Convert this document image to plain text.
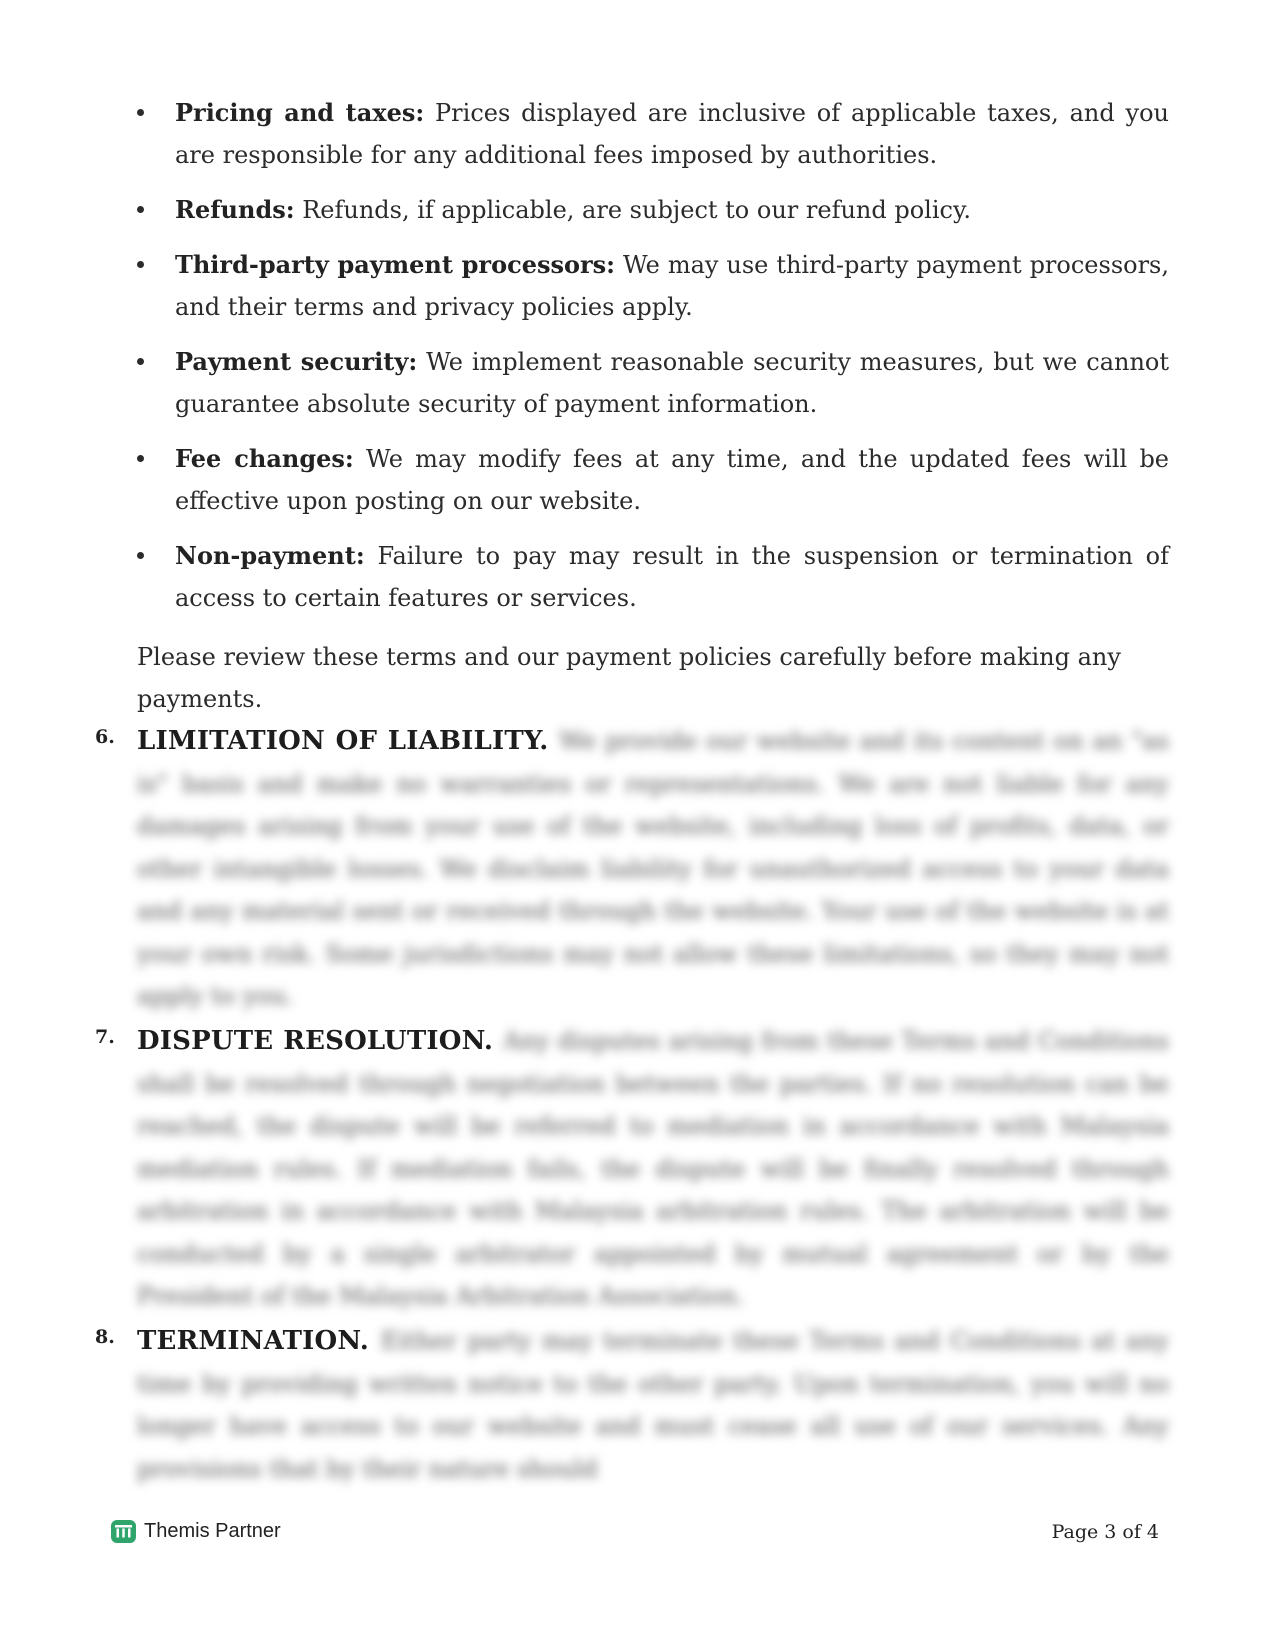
Pricing and taxes: Prices displayed are inclusive of applicable taxes, and you are responsible for any additional fees imposed by authorities.
Refunds: Refunds, if applicable, are subject to our refund policy.
Third-party payment processors: We may use third-party payment processors, and their terms and privacy policies apply.
Payment security: We implement reasonable security measures, but we cannot guarantee absolute security of payment information.
Fee changes: We may modify fees at any time, and the updated fees will be effective upon posting on our website.
Non-payment: Failure to pay may result in the suspension or termination of access to certain features or services.

Please review these terms and our payment policies carefully before making any payments.

6. LIMITATION OF LIABILITY. We provide our website and its content on an "as is" basis and make no warranties or representations. We are not liable for any damages arising from your use of the website, including loss of profits, data, or other intangible losses. We disclaim liability for unauthorized access to your data and any material sent or received through the website. Your use of the website is at your own risk. Some jurisdictions may not allow these limitations, so they may not apply to you.
7. DISPUTE RESOLUTION. Any disputes arising from these Terms and Conditions shall be resolved through negotiation between the parties. If no resolution can be reached, the dispute will be referred to mediation in accordance with Malaysia mediation rules. If mediation fails, the dispute will be finally resolved through arbitration in accordance with Malaysia arbitration rules. The arbitration will be conducted by a single arbitrator appointed by mutual agreement or by the President of the Malaysia Arbitration Association.
8. TERMINATION. Either party may terminate these Terms and Conditions at any time by providing written notice to the other party. Upon termination, you will no longer have access to our website and must cease all use of our services. Any provisions that by their nature should
Themis Partner	Page 3 of 4
